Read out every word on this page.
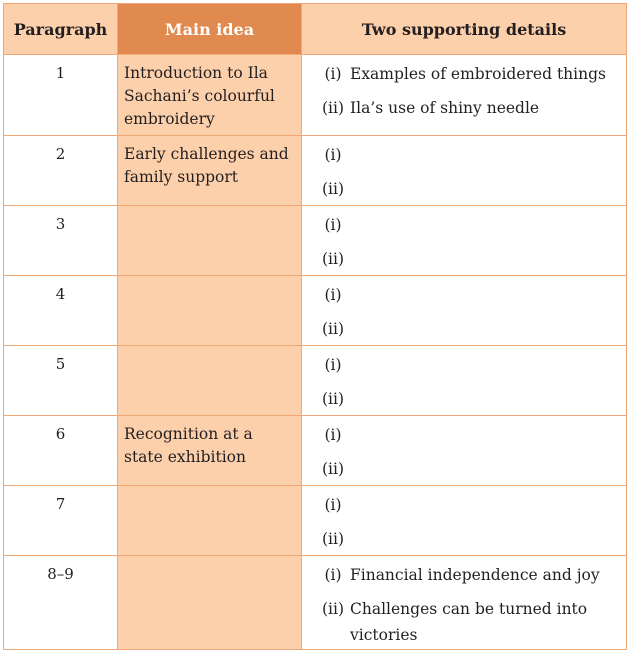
Paragraph	Main idea	Two supporting details
1	Introduction to Ila Sachani’s colourful embroidery	(i) Examples of embroidered things
(ii) Ila’s use of shiny needle

2	Early challenges and family support	(i)
(ii)

3		(i)
(ii)

4		(i)
(ii)

5		(i)
(ii)

6	Recognition at a state exhibition	(i)
(ii)

7		(i)
(ii)

8–9		(i) Financial independence and joy
(ii) Challenges can be turned into victories
